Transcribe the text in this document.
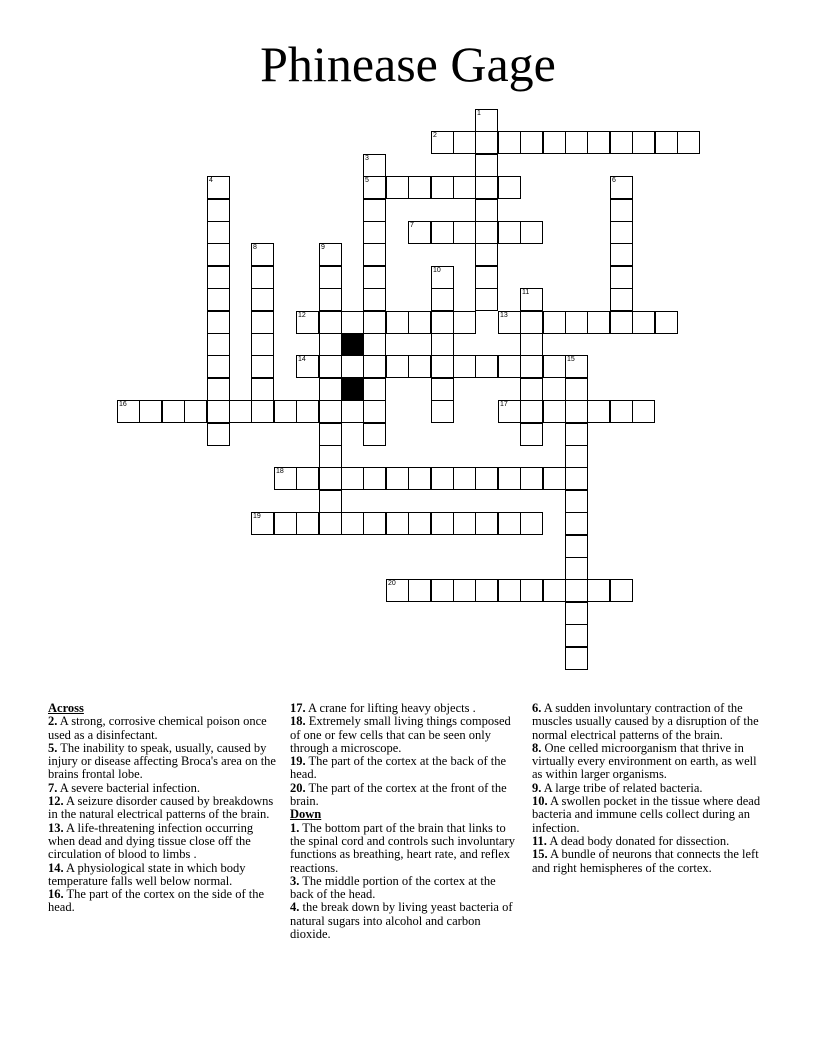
Phinease Gage
1
2
3
5
4	6
7
8	9
10
11
12	13
14	15
16	17
18
19
20
Across
2. A strong, corrosive chemical poison once used as a disinfectant.
5. The inability to speak, usually, caused by injury or disease affecting Broca's area on the brains frontal lobe.
7. A severe bacterial infection.
12. A seizure disorder caused by breakdowns in the natural electrical patterns of the brain.
13. A life-threatening infection occurring when dead and dying tissue close off the circulation of blood to limbs .
14. A physiological state in which body temperature falls well below normal.
16. The part of the cortex on the side of the head.
17. A crane for lifting heavy objects .
18. Extremely small living things composed of one or few cells that can be seen only through a microscope.
19. The part of the cortex at the back of the head.
20. The part of the cortex at the front of the brain.
Down
1. The bottom part of the brain that links to the spinal cord and controls such involuntary functions as breathing, heart rate, and reflex reactions.
3. The middle portion of the cortex at the back of the head.
4. the break down by living yeast bacteria of natural sugars into alcohol and carbon dioxide.
6. A sudden involuntary contraction of the muscles usually caused by a disruption of the normal electrical patterns of the brain.
8. One celled microorganism that thrive in virtually every environment on earth, as well as within larger organisms.
9. A large tribe of related bacteria.
10. A swollen pocket in the tissue where dead bacteria and immune cells collect during an infection.
11. A dead body donated for dissection.
15. A bundle of neurons that connects the left and right hemispheres of the cortex.
